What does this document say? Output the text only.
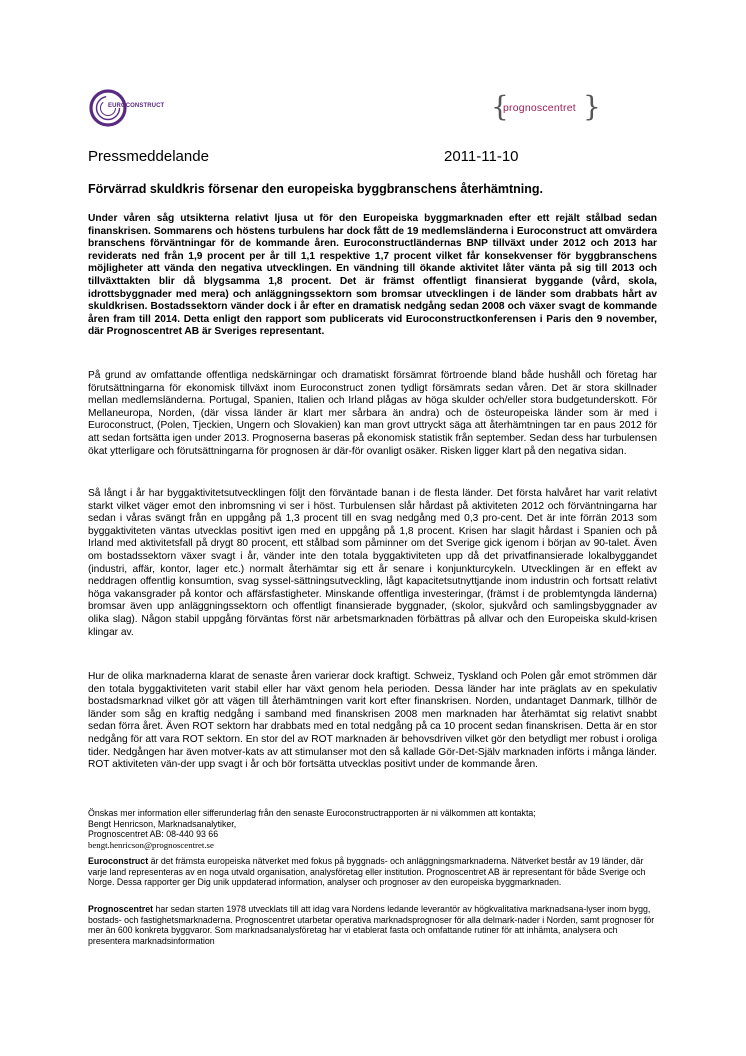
EUROCONSTRUCT	{
prognoscentret }
Pressmeddelande	2011-11-10
Förvärrad skuldkris försenar den europeiska byggbranschens återhämtning.

Under våren såg utsikterna relativt ljusa ut för den Europeiska byggmarknaden efter ett rejält stålbad sedan finanskrisen. Sommarens och höstens turbulens har dock fått de 19 medlemsländerna i Euroconstruct att omvärdera branschens förväntningar för de kommande åren. Euroconstructländernas BNP tillväxt under 2012 och 2013 har reviderats ned från 1,9 procent per år till 1,1 respektive 1,7 procent vilket får konsekvenser för byggbranschens möjligheter att vända den negativa utvecklingen. En vändning till ökande aktivitet låter vänta på sig till 2013 och tillväxttakten blir då blygsamma 1,8 procent. Det är främst offentligt finansierat byggande (vård, skola, idrottsbyggnader med mera) och anläggningssektorn som bromsar utvecklingen i de länder som drabbats hårt av skuldkrisen. Bostadssektorn vänder dock i år efter en dramatisk nedgång sedan 2008 och växer svagt de kommande åren fram till 2014. Detta enligt den rapport som publicerats vid Euroconstructkonferensen i Paris den 9 november, där Prognoscentret AB är Sveriges representant.

På grund av omfattande offentliga nedskärningar och dramatiskt försämrat förtroende bland både hushåll och företag har förutsättningarna för ekonomisk tillväxt inom Euroconstruct zonen tydligt försämrats sedan våren. Det är stora skillnader mellan medlemsländerna. Portugal, Spanien, Italien och Irland plågas av höga skulder och/eller stora budgetunderskott. För Mellaneuropa, Norden, (där vissa länder är klart mer sårbara än andra) och de östeuropeiska länder som är med i Euroconstruct, (Polen, Tjeckien, Ungern och Slovakien) kan man grovt uttryckt säga att återhämtningen tar en paus 2012 för att sedan fortsätta igen under 2013. Prognoserna baseras på ekonomisk statistik från september. Sedan dess har turbulensen ökat ytterligare och förutsättningarna för prognosen är där-för ovanligt osäker. Risken ligger klart på den negativa sidan.

Så långt i år har byggaktivitetsutvecklingen följt den förväntade banan i de flesta länder. Det första halvåret har varit relativt starkt vilket väger emot den inbromsning vi ser i höst. Turbulensen slår hårdast på aktiviteten 2012 och förväntningarna har sedan i våras svängt från en uppgång på 1,3 procent till en svag nedgång med 0,3 pro-cent. Det är inte förrän 2013 som byggaktiviteten väntas utvecklas positivt igen med en uppgång på 1,8 procent. Krisen har slagit hårdast i Spanien och på Irland med aktivitetsfall på drygt 80 procent, ett stålbad som påminner om det Sverige gick igenom i början av 90-talet. Även om bostadssektorn växer svagt i år, vänder inte den totala byggaktiviteten upp då det privatfinansierade lokalbyggandet (industri, affär, kontor, lager etc.) normalt återhämtar sig ett år senare i konjunkturcykeln. Utvecklingen är en effekt av neddragen offentlig konsumtion, svag syssel-sättningsutveckling, lågt kapacitetsutnyttjande inom industrin och fortsatt relativt höga vakansgrader på kontor och affärsfastigheter. Minskande offentliga investeringar, (främst i de problemtyngda länderna) bromsar även upp anläggningssektorn och offentligt finansierade byggnader, (skolor, sjukvård och samlingsbyggnader av olika slag). Någon stabil uppgång förväntas först när arbetsmarknaden förbättras på allvar och den Europeiska skuld-krisen klingar av.

Hur de olika marknaderna klarat de senaste åren varierar dock kraftigt. Schweiz, Tyskland och Polen går emot strömmen där den totala byggaktiviteten varit stabil eller har växt genom hela perioden. Dessa länder har inte präglats av en spekulativ bostadsmarknad vilket gör att vägen till återhämtningen varit kort efter finanskrisen. Norden, undantaget Danmark, tillhör de länder som såg en kraftig nedgång i samband med finanskrisen 2008 men marknaden har återhämtat sig relativt snabbt sedan förra året. Även ROT sektorn har drabbats med en total nedgång på ca 10 procent sedan finanskrisen. Detta är en stor nedgång för att vara ROT sektorn. En stor del av ROT marknaden är behovsdriven vilket gör den betydligt mer robust i oroliga tider. Nedgången har även motver-kats av att stimulanser mot den så kallade Gör-Det-Själv marknaden införts i många länder. ROT aktiviteten vän-der upp svagt i år och bör fortsätta utvecklas positivt under de kommande åren.

Önskas mer information eller sifferunderlag från den senaste Euroconstructrapporten är ni välkommen att kontakta;
Bengt Henricson, Marknadsanalytiker,
Prognoscentret AB: 08-440 93 66
bengt.henricson@prognoscentret.se

Euroconstruct är det främsta europeiska nätverket med fokus på byggnads- och anläggningsmarknaderna. Nätverket består av 19 länder, där varje land representeras av en noga utvald organisation, analysföretag eller institution. Prognoscentret AB är representant för både Sverige och Norge. Dessa rapporter ger Dig unik uppdaterad information, analyser och prognoser av den europeiska byggmarknaden.

Prognoscentret har sedan starten 1978 utvecklats till att idag vara Nordens ledande leverantör av högkvalitativa marknadsana-lyser inom bygg, bostads- och fastighetsmarknaderna. Prognoscentret utarbetar operativa marknadsprognoser för alla delmark-nader i Norden, samt prognoser för mer än 600 konkreta byggvaror. Som marknadsanalysföretag har vi etablerat fasta och omfattande rutiner för att inhämta, analysera och presentera marknadsinformation
